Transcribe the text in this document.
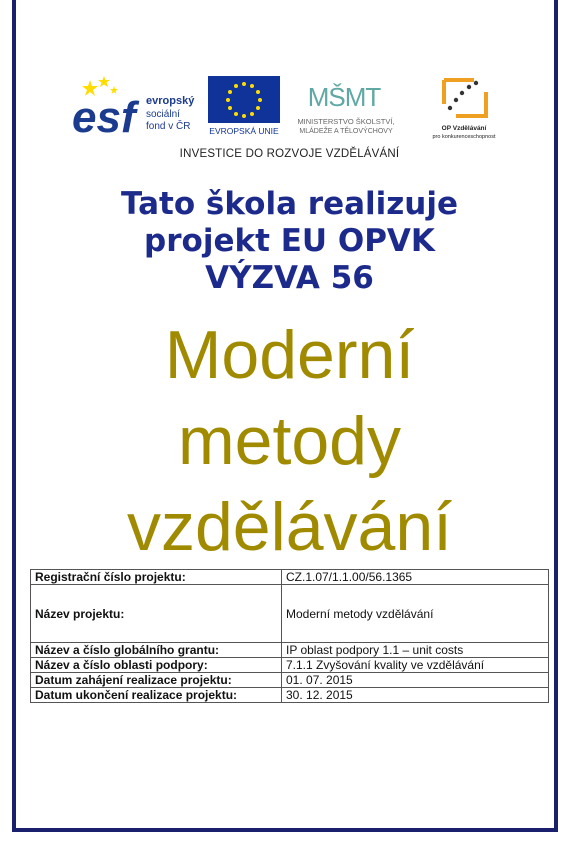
esf evropský
sociální
fond v ČR EVROPSKÁ UNIE
MŠMT
MINISTERSTVO ŠKOLSTVÍ,
MLÁDEŽE A TĚLOVÝCHOVY	OP Vzdělávání
pro konkurenceschopnost
INVESTICE DO ROZVOJE VZDĚLÁVÁNÍ
Tato škola realizuje
projekt EU OPVK
VÝZVA 56
Moderní
metody
vzdělávání
Registrační číslo projektu:	CZ.1.07/1.1.00/56.1365
Název projektu:	Moderní metody vzdělávání
Název a číslo globálního grantu:	IP oblast podpory 1.1 – unit costs
Název a číslo oblasti podpory:	7.1.1 Zvyšování kvality ve vzdělávání
Datum zahájení realizace projektu:	01. 07. 2015
Datum ukončení realizace projektu:	30. 12. 2015
